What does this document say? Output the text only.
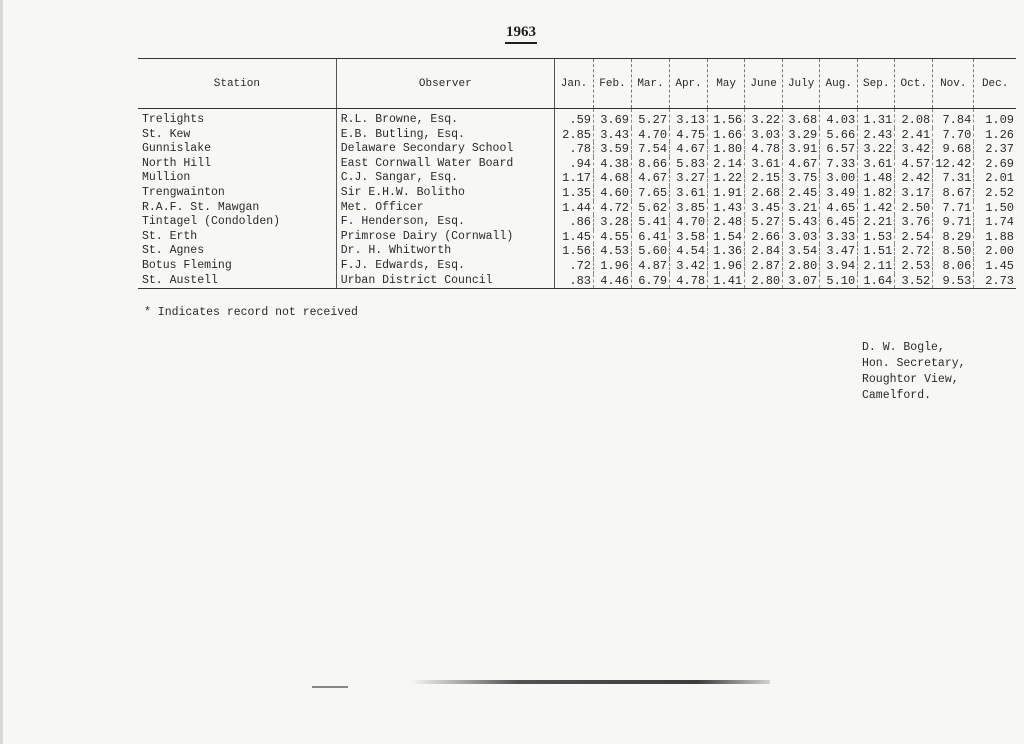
1963
Station	Observer	Jan.	Feb.	Mar.	Apr.	May	June	July	Aug.	Sep.	Oct.	Nov.	Dec.
Trelights	R.L. Browne, Esq.	.59	3.69	5.27	3.13	1.56	3.22	3.68	4.03	1.31	2.08	7.84	1.09
St. Kew	E.B. Butling, Esq.	2.85	3.43	4.70	4.75	1.66	3.03	3.29	5.66	2.43	2.41	7.70	1.26
Gunnislake	Delaware Secondary School	.78	3.59	7.54	4.67	1.80	4.78	3.91	6.57	3.22	3.42	9.68	2.37
North Hill	East Cornwall Water Board	.94	4.38	8.66	5.83	2.14	3.61	4.67	7.33	3.61	4.57	12.42	2.69
Mullion	C.J. Sangar, Esq.	1.17	4.68	4.67	3.27	1.22	2.15	3.75	3.00	1.48	2.42	7.31	2.01
Trengwainton	Sir E.H.W. Bolitho	1.35	4.60	7.65	3.61	1.91	2.68	2.45	3.49	1.82	3.17	8.67	2.52
R.A.F. St. Mawgan	Met. Officer	1.44	4.72	5.62	3.85	1.43	3.45	3.21	4.65	1.42	2.50	7.71	1.50
Tintagel (Condolden)	F. Henderson, Esq.	.86	3.28	5.41	4.70	2.48	5.27	5.43	6.45	2.21	3.76	9.71	1.74
St. Erth	Primrose Dairy (Cornwall)	1.45	4.55	6.41	3.58	1.54	2.66	3.03	3.33	1.53	2.54	8.29	1.88
St. Agnes	Dr. H. Whitworth	1.56	4.53	5.60	4.54	1.36	2.84	3.54	3.47	1.51	2.72	8.50	2.00
Botus Fleming	F.J. Edwards, Esq.	.72	1.96	4.87	3.42	1.96	2.87	2.80	3.94	2.11	2.53	8.06	1.45
St. Austell	Urban District Council	.83	4.46	6.79	4.78	1.41	2.80	3.07	5.10	1.64	3.52	9.53	2.73
* Indicates record not received
D. W. Bogle,
Hon. Secretary,
Roughtor View,
Camelford.
